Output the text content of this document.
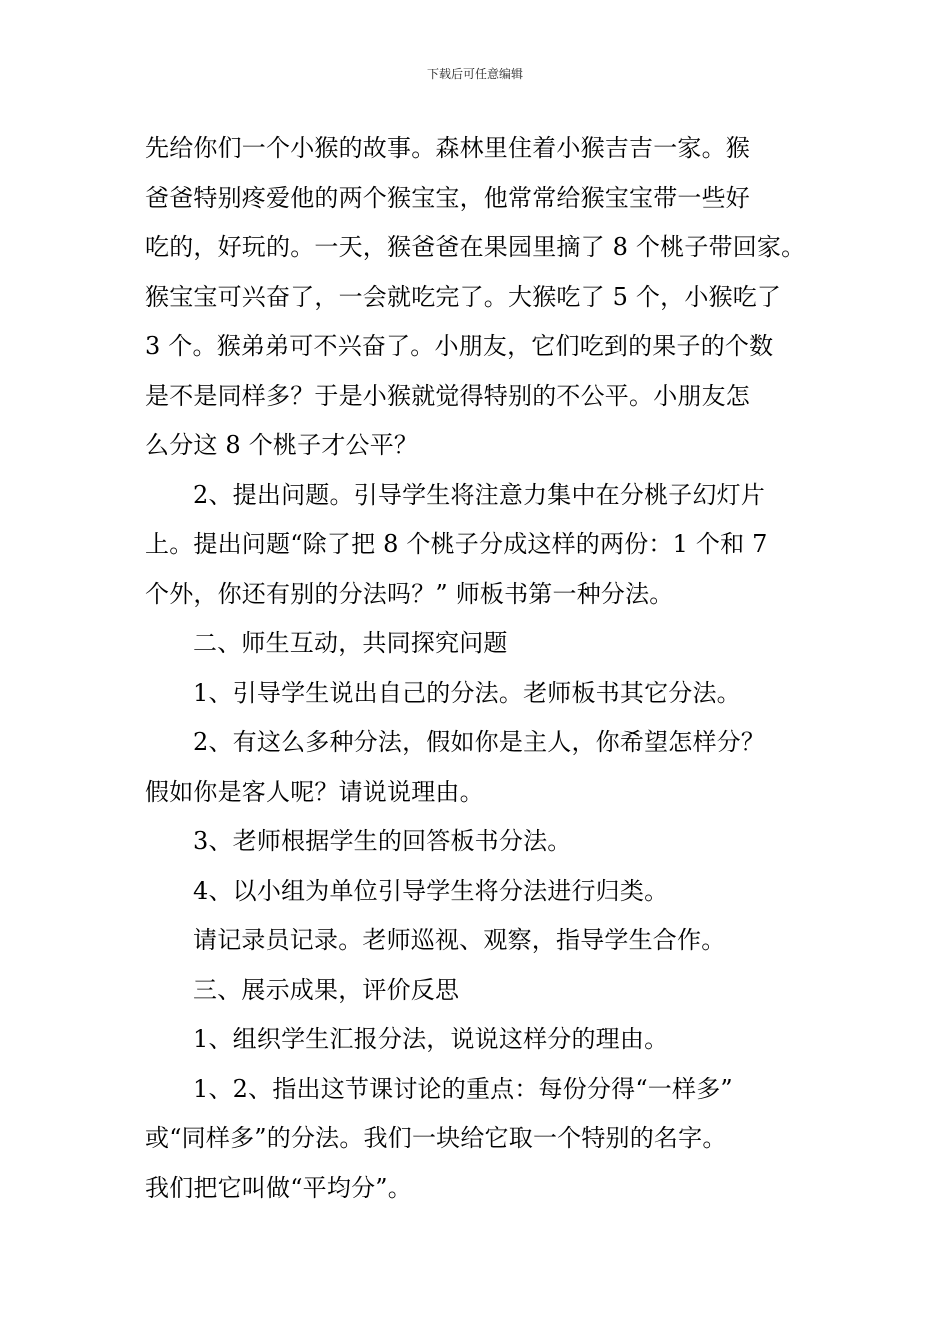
下载后可任意编辑

先给你们一个小猴的故事。森林里住着小猴吉吉一家。猴
爸爸特别疼爱他的两个猴宝宝，他常常给猴宝宝带一些好
吃的，好玩的。一天，猴爸爸在果园里摘了 8 个桃子带回家。
猴宝宝可兴奋了，一会就吃完了。大猴吃了 5 个，小猴吃了
3 个。猴弟弟可不兴奋了。小朋友，它们吃到的果子的个数
是不是同样多？于是小猴就觉得特别的不公平。小朋友怎
么分这 8 个桃子才公平？

2、提出问题。引导学生将注意力集中在分桃子幻灯片
上。提出问题“除了把 8 个桃子分成这样的两份：1 个和 7
个外，你还有别的分法吗？” 师板书第一种分法。

二、师生互动，共同探究问题

1、引导学生说出自己的分法。老师板书其它分法。

2、有这么多种分法，假如你是主人，你希望怎样分？
假如你是客人呢？请说说理由。

3、老师根据学生的回答板书分法。

4、以小组为单位引导学生将分法进行归类。

请记录员记录。老师巡视、观察，指导学生合作。

三、展示成果，评价反思

1、组织学生汇报分法，说说这样分的理由。

1、2、指出这节课讨论的重点：每份分得“一样多”
或“同样多”的分法。我们一块给它取一个特别的名字。
我们把它叫做“平均分”。
